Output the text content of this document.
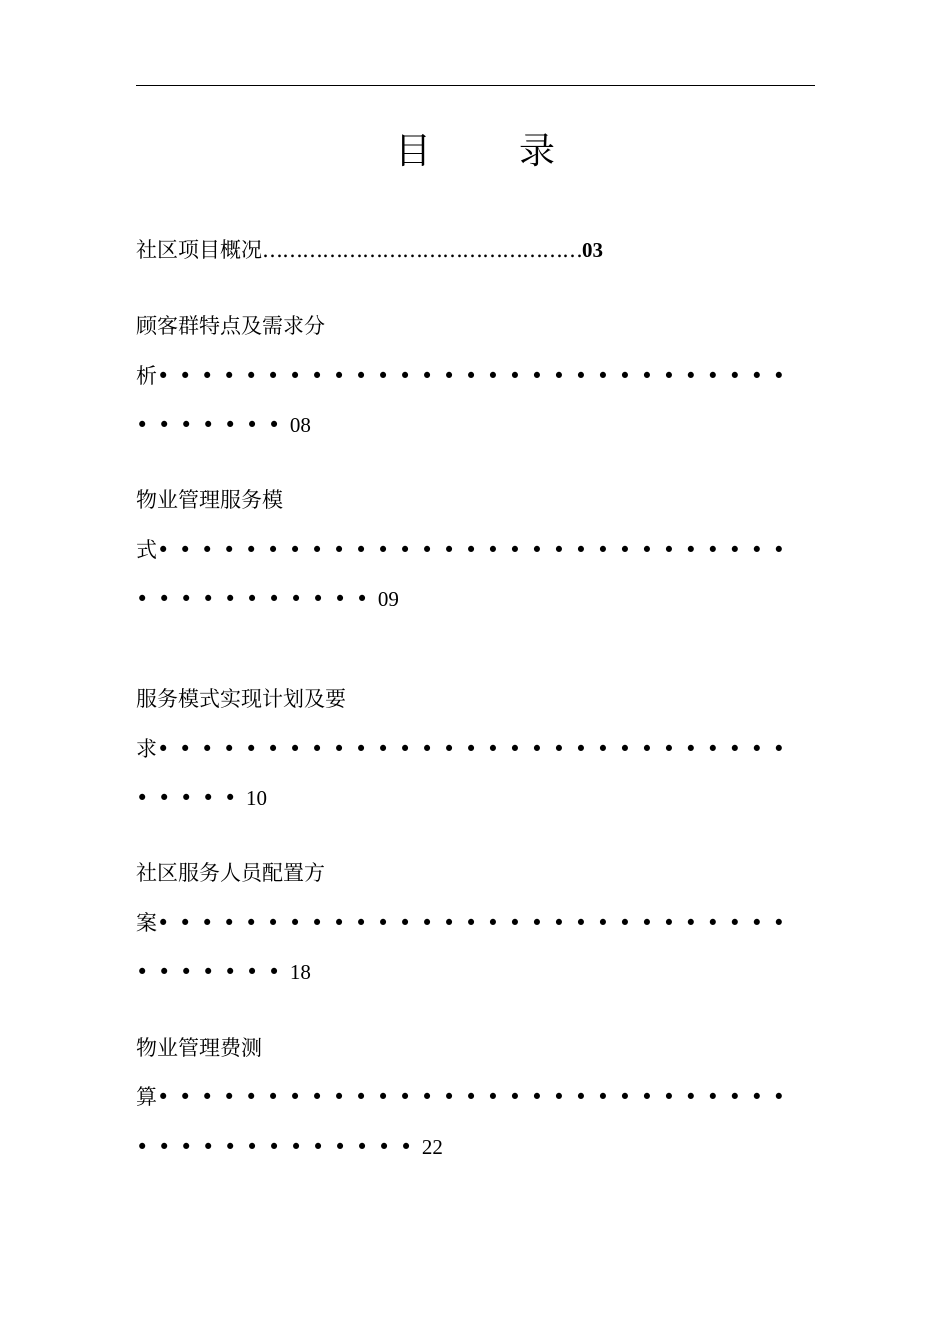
目 录
社区项目概况…………………………………………03
顾客群特点及需求分
析•••••••••••••••••••••••••••••
•••••••08
物业管理服务模
式•••••••••••••••••••••••••••••
•••••••••••09
服务模式实现计划及要
求•••••••••••••••••••••••••••••
•••••10
社区服务人员配置方
案•••••••••••••••••••••••••••••
•••••••18
物业管理费测
算•••••••••••••••••••••••••••••
•••••••••••••22
